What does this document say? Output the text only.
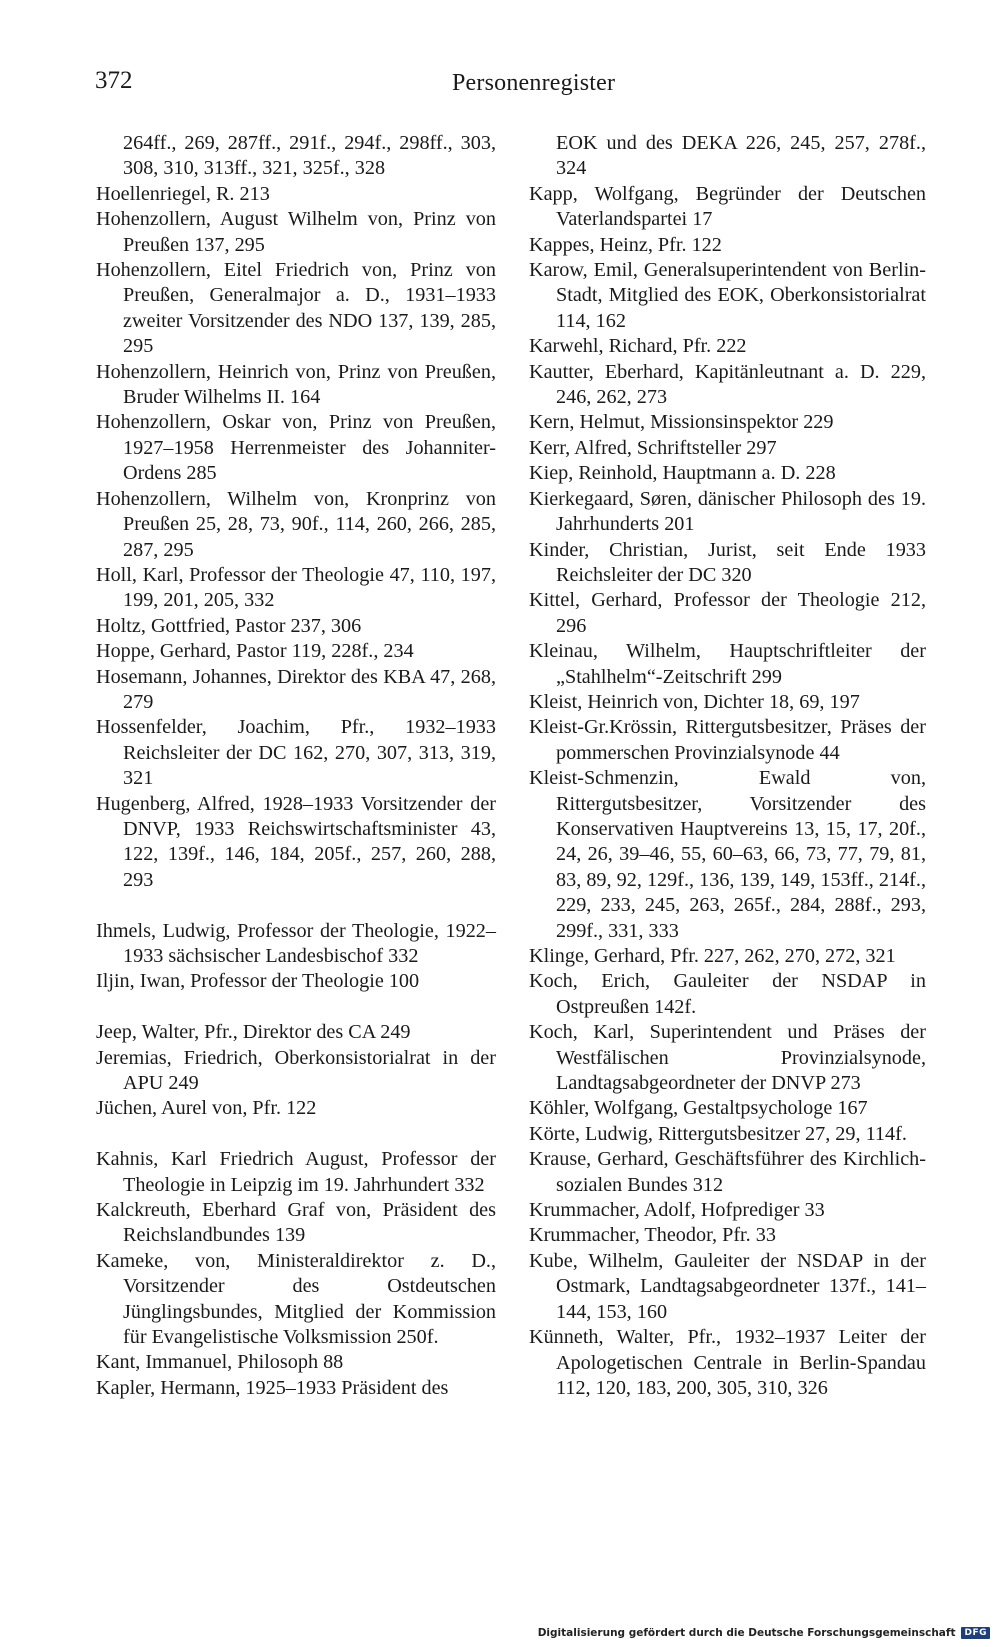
372	Personenregister

264ff., 269, 287ff., 291f., 294f., 298ff., 303, 308, 310, 313ff., 321, 325f., 328

Hoellenriegel, R. 213

Hohenzollern, August Wilhelm von, Prinz von Preußen 137, 295

Hohenzollern, Eitel Friedrich von, Prinz von Preußen, Generalmajor a. D., 1931–1933 zweiter Vorsitzender des NDO 137, 139, 285, 295

Hohenzollern, Heinrich von, Prinz von Preußen, Bruder Wilhelms II. 164

Hohenzollern, Oskar von, Prinz von Preußen, 1927–1958 Herrenmeister des Johanniter-Ordens 285

Hohenzollern, Wilhelm von, Kronprinz von Preußen 25, 28, 73, 90f., 114, 260, 266, 285, 287, 295

Holl, Karl, Professor der Theologie 47, 110, 197, 199, 201, 205, 332

Holtz, Gottfried, Pastor 237, 306

Hoppe, Gerhard, Pastor 119, 228f., 234

Hosemann, Johannes, Direktor des KBA 47, 268, 279

Hossenfelder, Joachim, Pfr., 1932–1933 Reichsleiter der DC 162, 270, 307, 313, 319, 321

Hugenberg, Alfred, 1928–1933 Vorsitzender der DNVP, 1933 Reichswirtschaftsminister 43, 122, 139f., 146, 184, 205f., 257, 260, 288, 293

Ihmels, Ludwig, Professor der Theologie, 1922–1933 sächsischer Landesbischof 332

Iljin, Iwan, Professor der Theologie 100

Jeep, Walter, Pfr., Direktor des CA 249

Jeremias, Friedrich, Oberkonsistorialrat in der APU 249

Jüchen, Aurel von, Pfr. 122

Kahnis, Karl Friedrich August, Professor der Theologie in Leipzig im 19. Jahrhundert 332

Kalckreuth, Eberhard Graf von, Präsident des Reichslandbundes 139

Kameke, von, Ministeraldirektor z. D., Vorsitzender des Ostdeutschen Jünglingsbundes, Mitglied der Kommission für Evangelistische Volksmission 250f.

Kant, Immanuel, Philosoph 88

Kapler, Hermann, 1925–1933 Präsident des

EOK und des DEKA 226, 245, 257, 278f., 324

Kapp, Wolfgang, Begründer der Deutschen Vaterlandspartei 17

Kappes, Heinz, Pfr. 122

Karow, Emil, Generalsuperintendent von Berlin-Stadt, Mitglied des EOK, Oberkonsistorialrat 114, 162

Karwehl, Richard, Pfr. 222

Kautter, Eberhard, Kapitänleutnant a. D. 229, 246, 262, 273

Kern, Helmut, Missionsinspektor 229

Kerr, Alfred, Schriftsteller 297

Kiep, Reinhold, Hauptmann a. D. 228

Kierkegaard, Søren, dänischer Philosoph des 19. Jahrhunderts 201

Kinder, Christian, Jurist, seit Ende 1933 Reichsleiter der DC 320

Kittel, Gerhard, Professor der Theologie 212, 296

Kleinau, Wilhelm, Hauptschriftleiter der „Stahlhelm“-Zeitschrift 299

Kleist, Heinrich von, Dichter 18, 69, 197

Kleist-Gr.Krössin, Rittergutsbesitzer, Präses der pommerschen Provinzialsynode 44

Kleist-Schmenzin, Ewald von, Rittergutsbesitzer, Vorsitzender des Konservativen Hauptvereins 13, 15, 17, 20f., 24, 26, 39–46, 55, 60–63, 66, 73, 77, 79, 81, 83, 89, 92, 129f., 136, 139, 149, 153ff., 214f., 229, 233, 245, 263, 265f., 284, 288f., 293, 299f., 331, 333

Klinge, Gerhard, Pfr. 227, 262, 270, 272, 321

Koch, Erich, Gauleiter der NSDAP in Ostpreußen 142f.

Koch, Karl, Superintendent und Präses der Westfälischen Provinzialsynode, Landtagsabgeordneter der DNVP 273

Köhler, Wolfgang, Gestaltpsychologe 167

Körte, Ludwig, Rittergutsbesitzer 27, 29, 114f.

Krause, Gerhard, Geschäftsführer des Kirchlich-sozialen Bundes 312

Krummacher, Adolf, Hofprediger 33

Krummacher, Theodor, Pfr. 33

Kube, Wilhelm, Gauleiter der NSDAP in der Ostmark, Landtagsabgeordneter 137f., 141–144, 153, 160

Künneth, Walter, Pfr., 1932–1937 Leiter der Apologetischen Centrale in Berlin-Spandau 112, 120, 183, 200, 305, 310, 326

Digitalisierung gefördert durch die Deutsche Forschungsgemeinschaft	DFG
